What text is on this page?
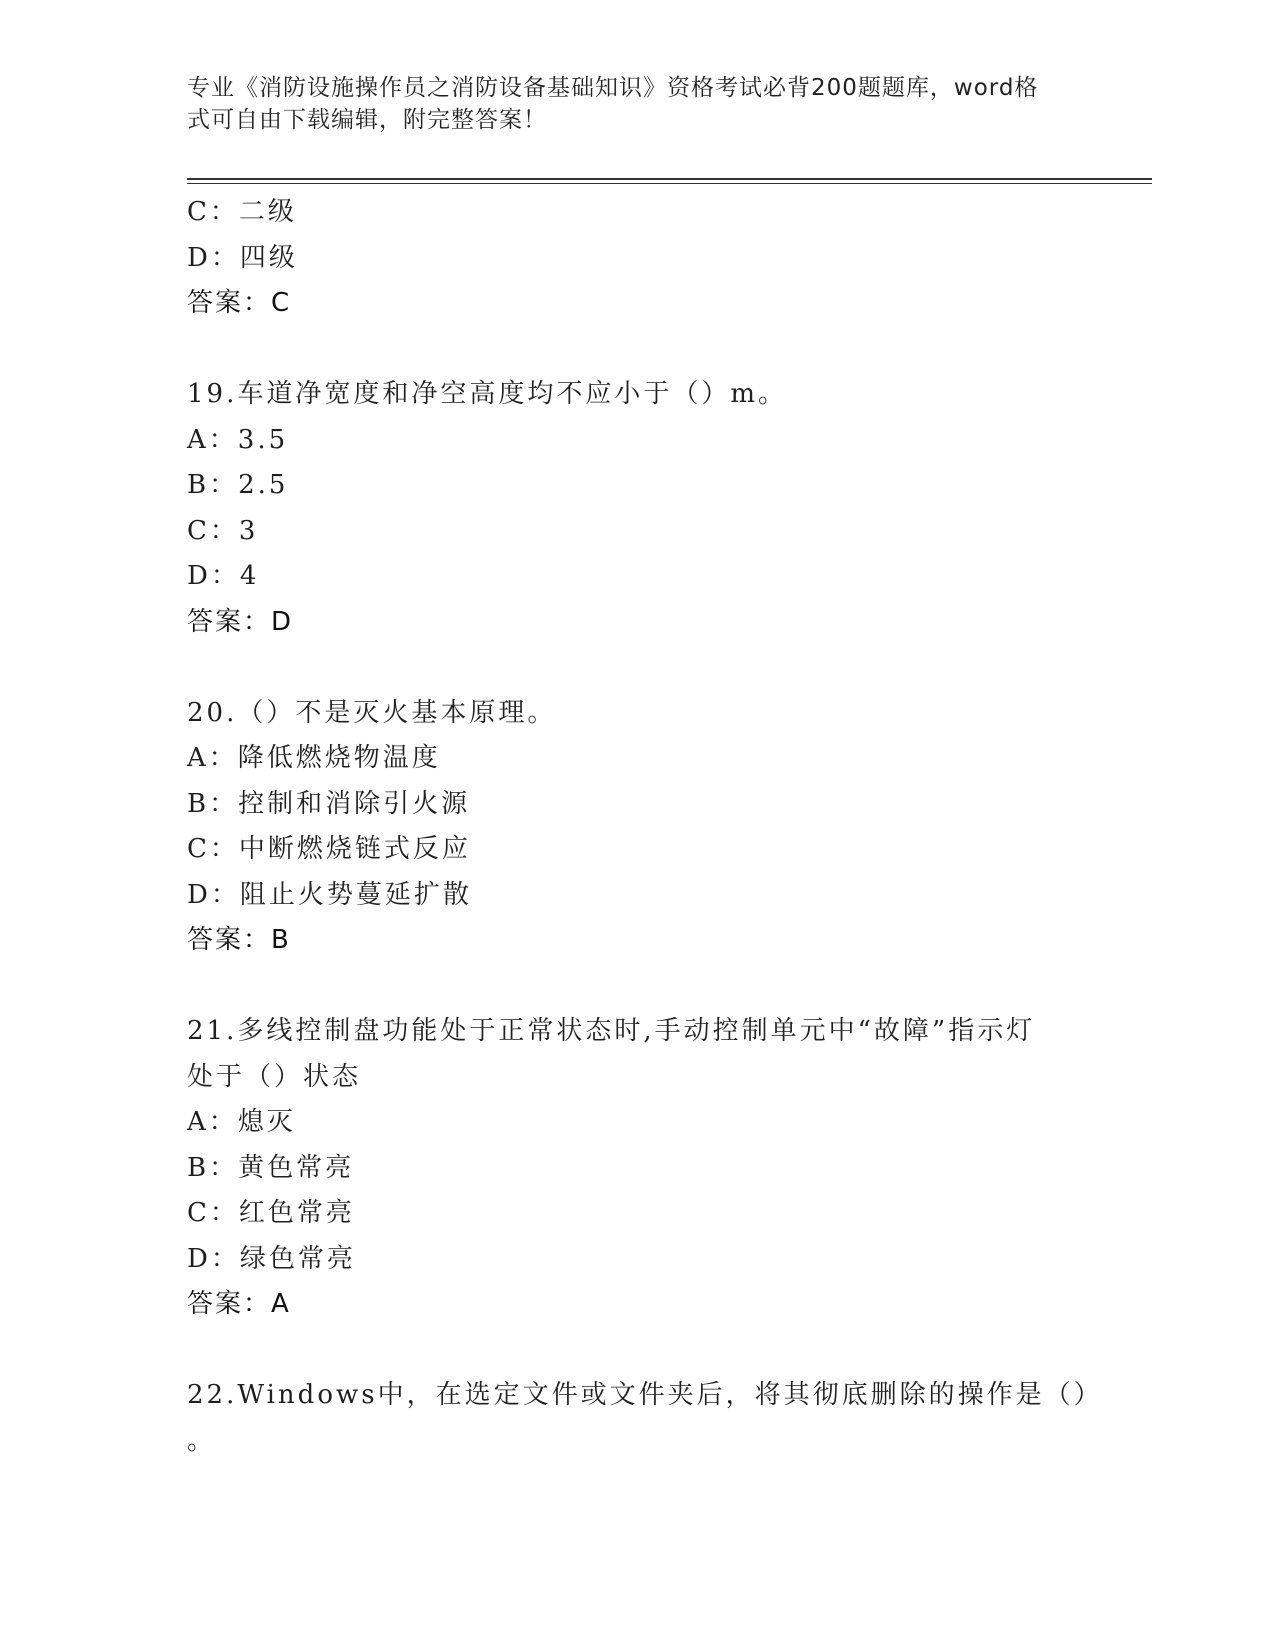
专业《消防设施操作员之消防设备基础知识》资格考试必背200题题库，word格
式可自由下载编辑，附完整答案！
C：二级
D：四级
答案：C
19.车道净宽度和净空高度均不应小于（）m。
A：3.5
B：2.5
C：3
D：4
答案：D
20.（）不是灭火基本原理。
A：降低燃烧物温度
B：控制和消除引火源
C：中断燃烧链式反应
D：阻止火势蔓延扩散
答案：B
21.多线控制盘功能处于正常状态时,手动控制单元中“故障”指示灯
处于（）状态
A：熄灭
B：黄色常亮
C：红色常亮
D：绿色常亮
答案：A
22.Windows中，在选定文件或文件夹后，将其彻底删除的操作是（）
。
